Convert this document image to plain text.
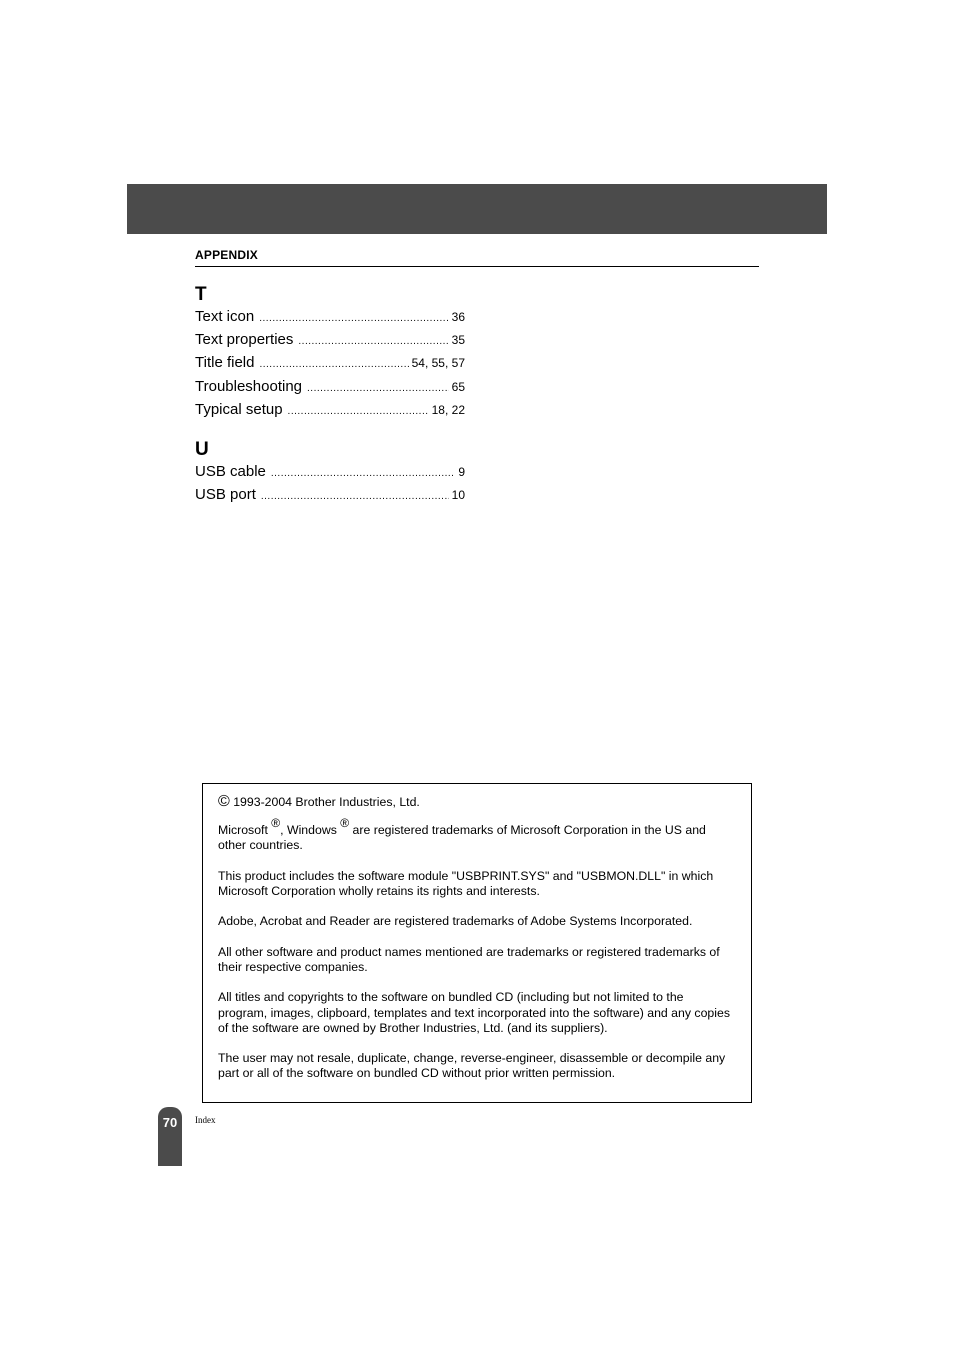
APPENDIX
T
Text icon .....	36
Text properties .....	35
Title field .....	54, 55, 57
Troubleshooting .....	65
Typical setup .....	18, 22
U
USB cable .....	9
USB port .....	10

© 1993-2004 Brother Industries, Ltd.

Microsoft ®, Windows ® are registered trademarks of Microsoft Corporation in the US and other countries.

This product includes the software module "USBPRINT.SYS" and "USBMON.DLL" in which Microsoft Corporation wholly retains its rights and interests.

Adobe, Acrobat and Reader are registered trademarks of Adobe Systems Incorporated.

All other software and product names mentioned are trademarks or registered trademarks of their respective companies.

All titles and copyrights to the software on bundled CD (including but not limited to the program, images, clipboard, templates and text incorporated into the software) and any copies of the software are owned by Brother Industries, Ltd. (and its suppliers).

The user may not resale, duplicate, change, reverse-engineer, disassemble or decompile any part or all of the software on bundled CD without prior written permission.

70	Index
